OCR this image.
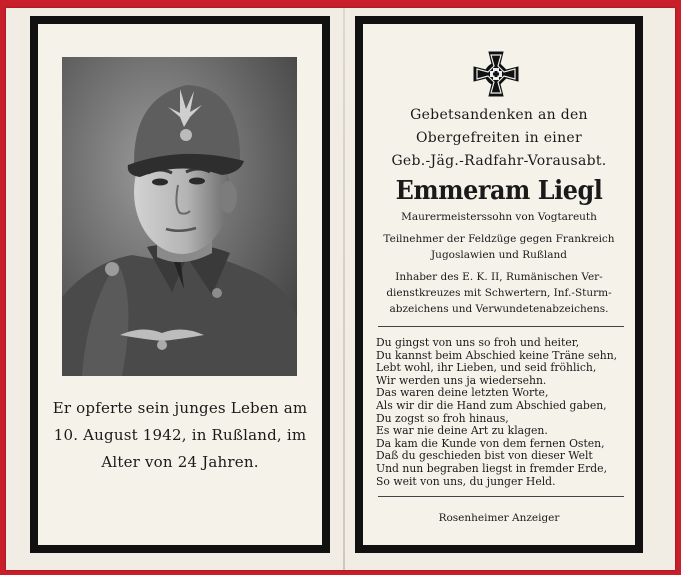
Er opferte sein junges Leben am
10. August 1942, in Rußland, im
Alter von 24 Jahren.
Gebetsandenken an den
Obergefreiten in einer
Geb.-Jäg.-Radfahr-Vorausabt.
Emmeram Liegl
Maurermeisterssohn von Vogtareuth
Teilnehmer der Feldzüge gegen Frankreich
Jugoslawien und Rußland
Inhaber des E. K. II, Rumänischen Ver-
dienstkreuzes mit Schwertern, Inf.-Sturm-
abzeichens und Verwundetenabzeichens.
Du gingst von uns so froh und heiter,
Du kannst beim Abschied keine Träne sehn,
Lebt wohl, ihr Lieben, und seid fröhlich,
Wir werden uns ja wiedersehn.
Das waren deine letzten Worte,
Als wir dir die Hand zum Abschied gaben,
Du zogst so froh hinaus,
Es war nie deine Art zu klagen.
Da kam die Kunde von dem fernen Osten,
Daß du geschieden bist von dieser Welt
Und nun begraben liegst in fremder Erde,
So weit von uns, du junger Held.
Rosenheimer Anzeiger
